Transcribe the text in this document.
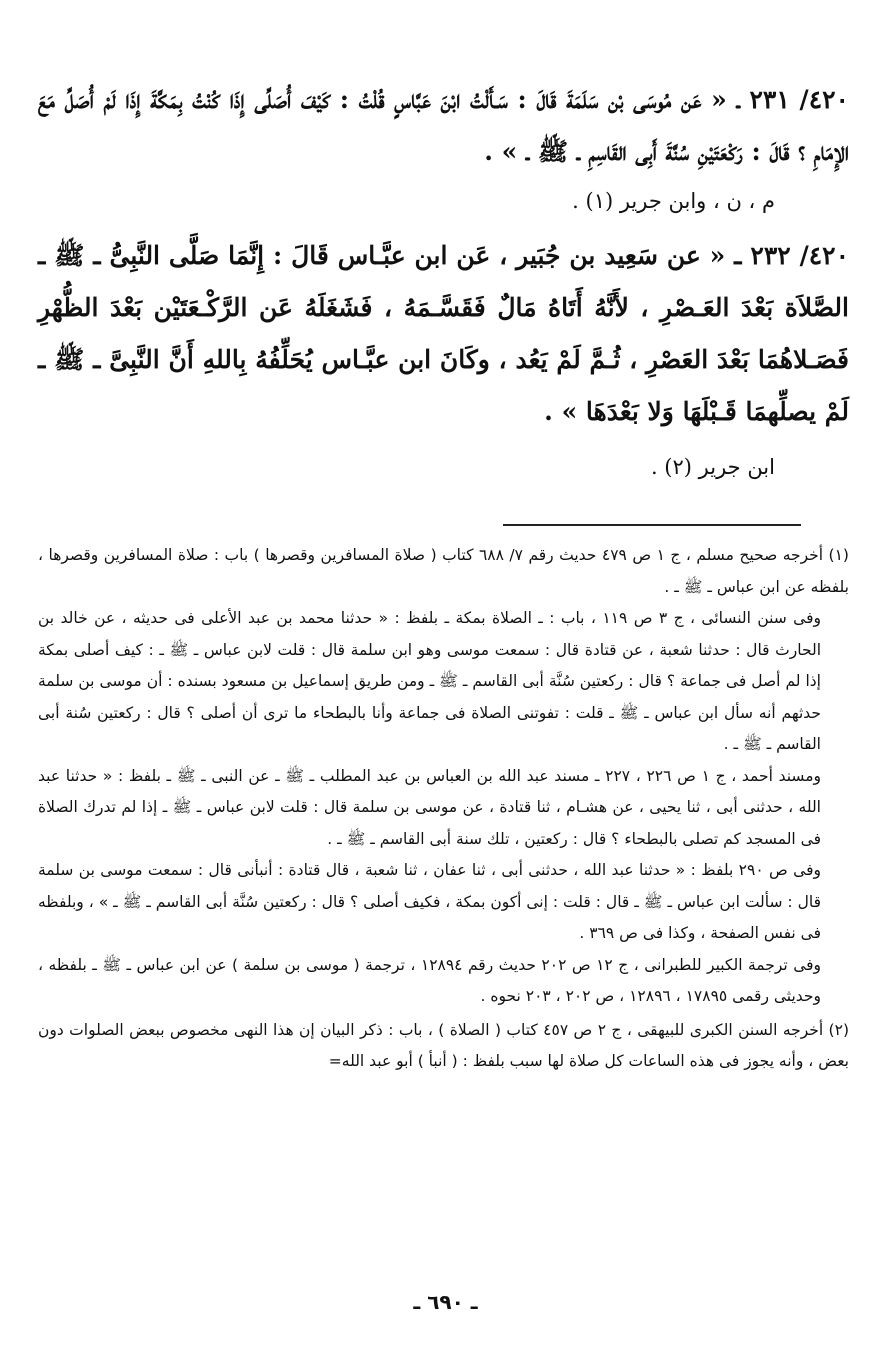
٤٢٠/ ٢٣١ ـ « عَن مُوسَى بْن سَلَمَةَ قَالَ : سَـأَلْتُ ابْنَ عَبَّاسٍ قُلْتُ : كَيْفَ أُصَلِّى إِذَا كُنْتُ بِمَكَّةَ إِذَا لَمْ أُصَلِّ مَعَ الإِمَامِ ؟ قَالَ : رَكْعَتَيْنِ سُنَّةَ أَبِى القَاسِمِ ـ ﷺ ـ » .

م ، ن ، وابن جرير (١) .

٤٢٠/ ٢٣٢ ـ « عن سَعِيد بن جُبَير ، عَن ابن عبَّـاس قَالَ : إِنَّمَا صَلَّى النَّبِىُّ ـ ﷺ ـ الصَّلاَة بَعْدَ العَـصْرِ ، لأَنَّهُ أَتَاهُ مَالٌ فَقَسَّـمَهُ ، فَشَغَلَهُ عَن الرَّكْـعَتَيْن بَعْدَ الظُّهْرِ فَصَـلاهُمَا بَعْدَ العَصْرِ ، ثُـمَّ لَمْ يَعُد ، وكَانَ ابن عبَّـاس يُحَلِّفُهُ بِاللهِ أَنَّ النَّبِىَّ ـ ﷺ ـ لَمْ يصلِّهمَا قَـبْلَهَا وَلا بَعْدَهَا » .

ابن جرير (٢) .

(١) أخرجه صحيح مسلم ، ج ١ ص ٤٧٩ حديث رقم ٧/ ٦٨٨ كتاب ( صلاة المسافرين وقصرها ) باب : صلاة المسافرين وقصرها ، بلفظه عن ابن عباس ـ ﷺ ـ .

وفى سنن النسائى ، ج ٣ ص ١١٩ ، باب : ـ الصلاة بمكة ـ بلفظ : « حدثنا محمد بن عبد الأعلى فى حديثه ، عن خالد بن الحارث قال : حدثنا شعبة ، عن قتادة قال : سمعت موسى وهو ابن سلمة قال : قلت لابن عباس ـ ﷺ ـ : كيف أصلى بمكة إذا لم أصل فى جماعة ؟ قال : ركعتين سُنَّة أبى القاسم ـ ﷺ ـ ومن طريق إسماعيل بن مسعود بسنده : أن موسى بن سلمة حدثهم أنه سأل ابن عباس ـ ﷺ ـ قلت : تفوتنى الصلاة فى جماعة وأنا بالبطحاء ما ترى أن أصلى ؟ قال : ركعتين سُنة أبى القاسم ـ ﷺ ـ .

ومسند أحمد ، ج ١ ص ٢٢٦ ، ٢٢٧ ـ مسند عبد الله بن العباس بن عبد المطلب ـ ﷺ ـ عن النبى ـ ﷺ ـ بلفظ : « حدثنا عبد الله ، حدثنى أبى ، ثنا يحيى ، عن هشـام ، ثنا قتادة ، عن موسى بن سلمة قال : قلت لابن عباس ـ ﷺ ـ إذا لم تدرك الصلاة فى المسجد كم تصلى بالبطحاء ؟ قال : ركعتين ، تلك سنة أبى القاسم ـ ﷺ ـ .

وفى ص ٢٩٠ بلفظ : « حدثنا عبد الله ، حدثنى أبى ، ثنا عفان ، ثنا شعبة ، قال قتادة : أنبأنى قال : سمعت موسى بن سلمة قال : سألت ابن عباس ـ ﷺ ـ قال : قلت : إنى أكون بمكة ، فكيف أصلى ؟ قال : ركعتين سُنَّة أبى القاسم ـ ﷺ ـ » ، وبلفظه فى نفس الصفحة ، وكذا فى ص ٣٦٩ .

وفى ترجمة الكبير للطبرانى ، ج ١٢ ص ٢٠٢ حديث رقم ١٢٨٩٤ ، ترجمة ( موسى بن سلمة ) عن ابن عباس ـ ﷺ ـ بلفظه ، وحديثى رقمى ١٧٨٩٥ ، ١٢٨٩٦ ، ص ٢٠٢ ، ٢٠٣ نحوه .

(٢) أخرجه السنن الكبرى للبيهقى ، ج ٢ ص ٤٥٧ كتاب ( الصلاة ) ، باب : ذكر البيان إن هذا النهى مخصوص ببعض الصلوات دون بعض ، وأنه يجوز فى هذه الساعات كل صلاة لها سبب بلفظ : ( أنبأ ) أبو عبد الله=

ـ ٦٩٠ ـ
